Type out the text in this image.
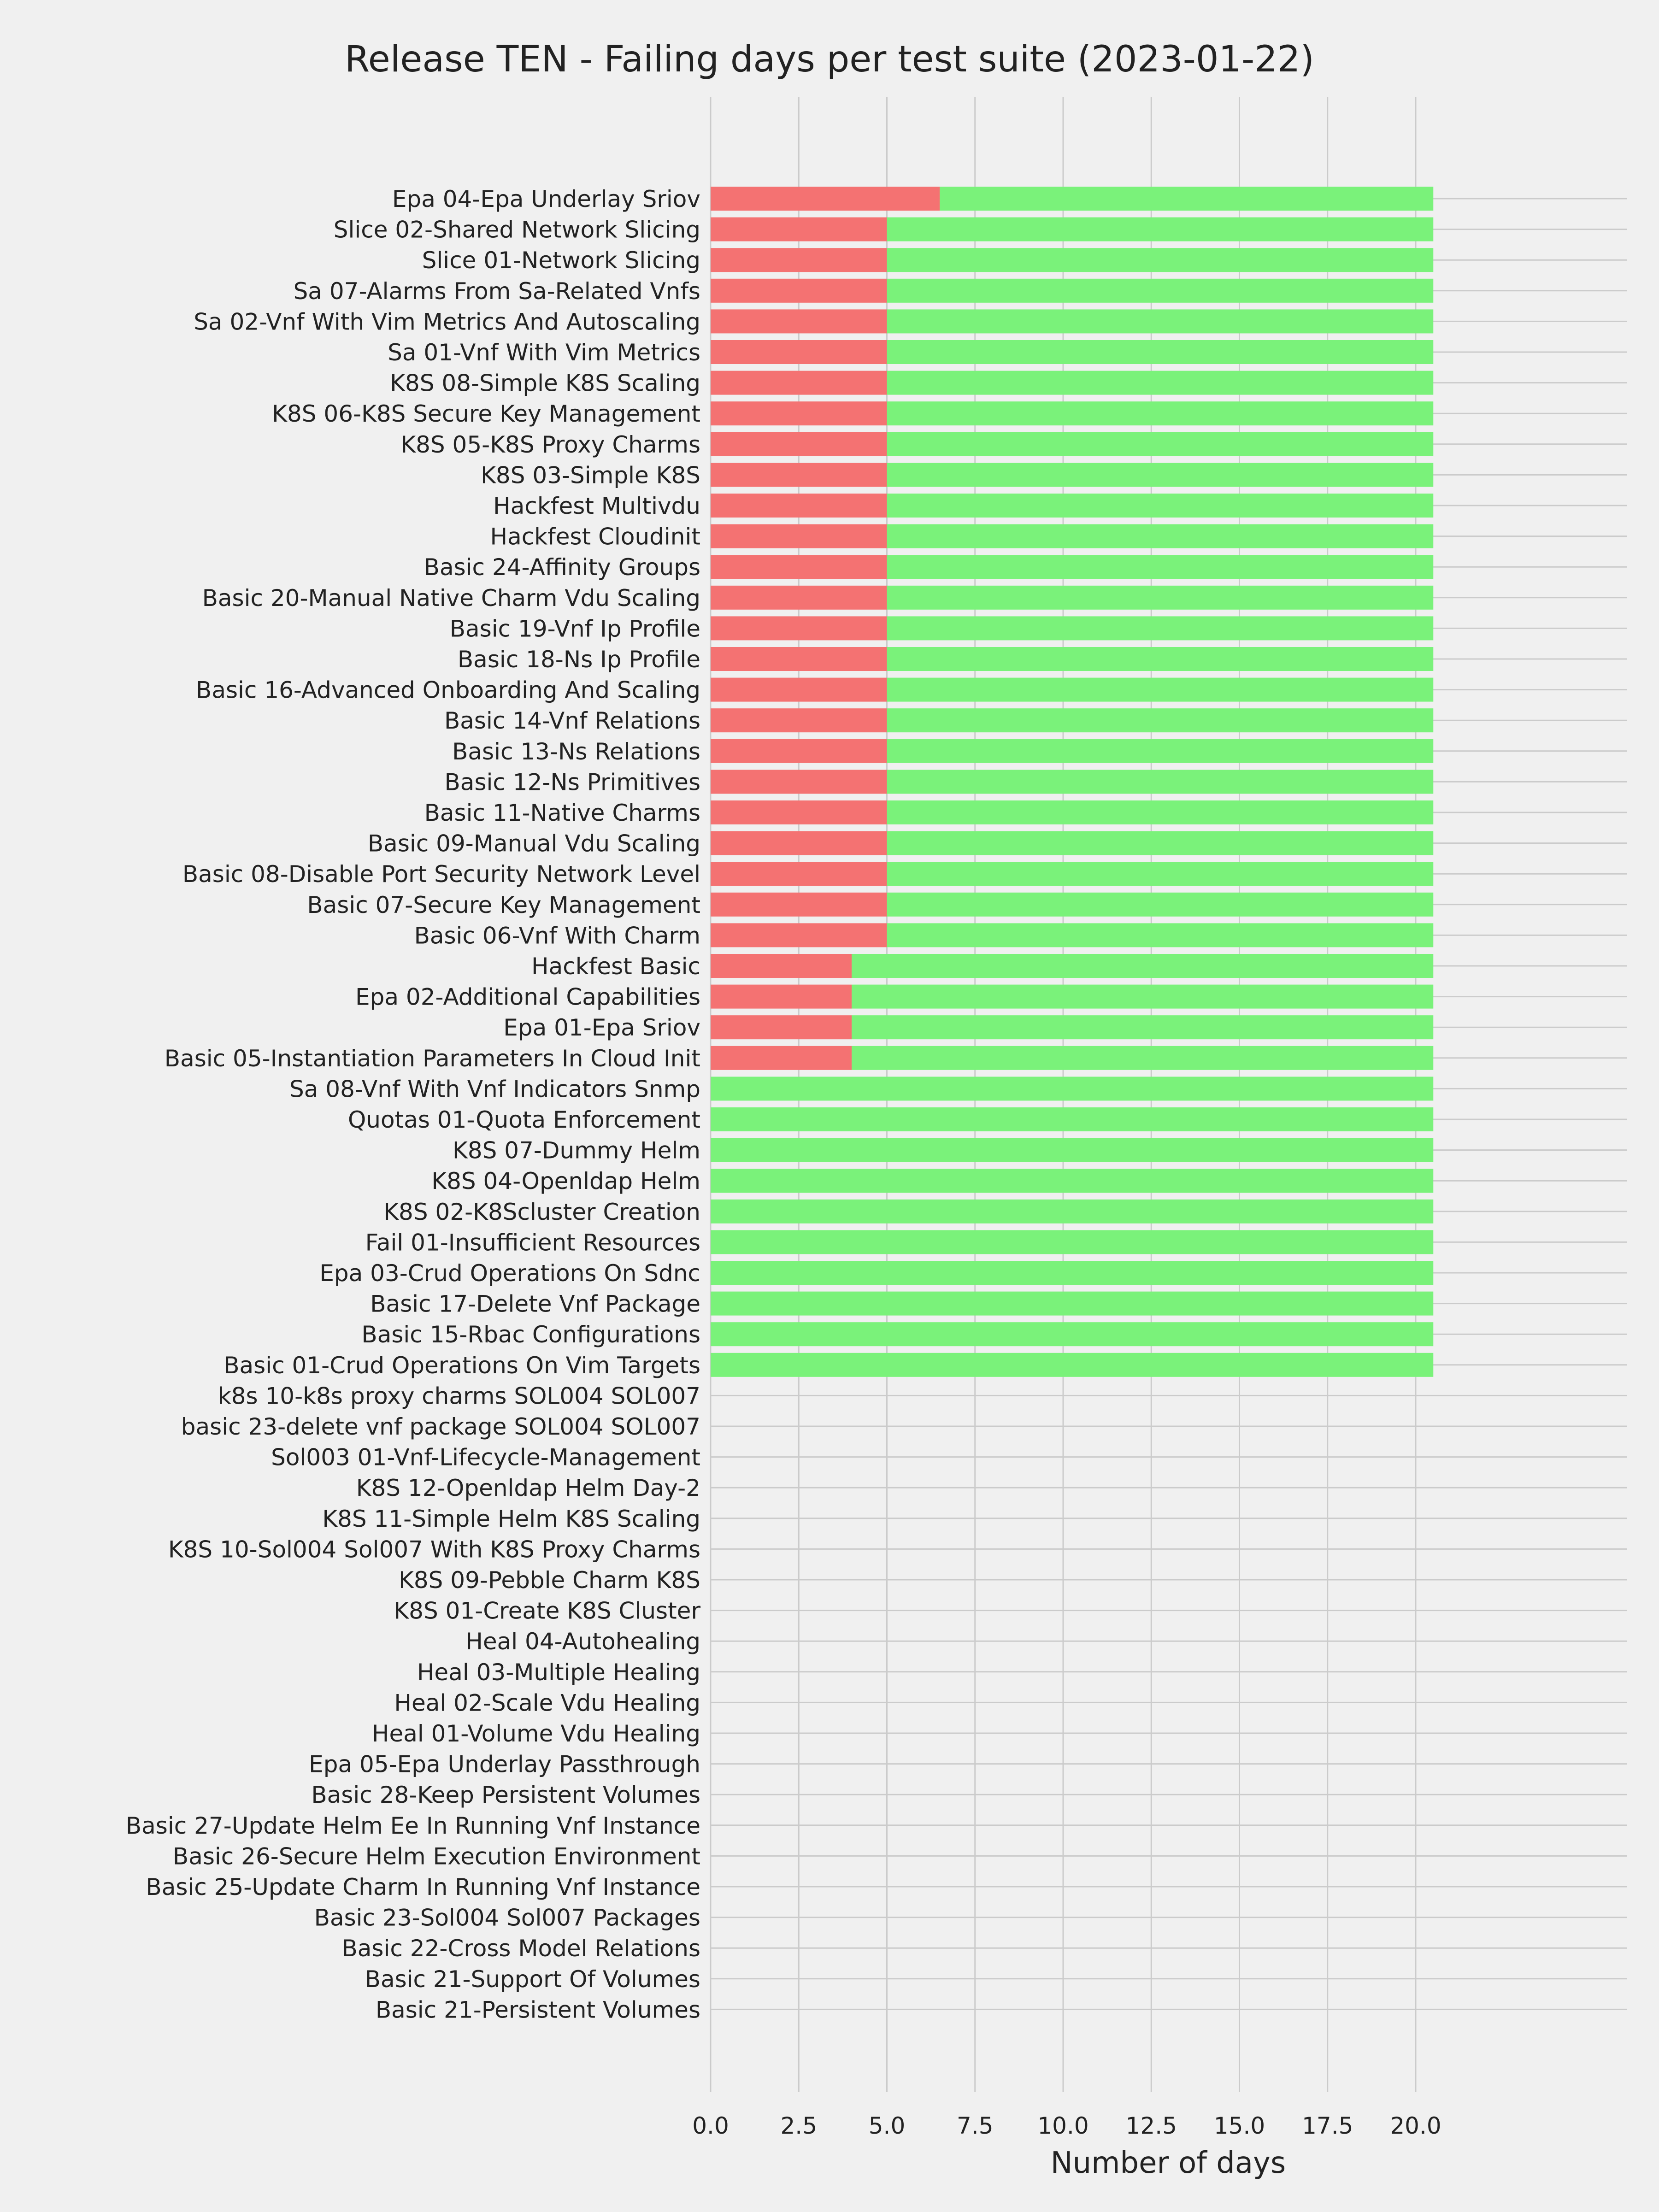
Release TEN - Failing days per test suite (2023-01-22)
Epa 04-Epa Underlay Sriov
Slice 02-Shared Network Slicing
Slice 01-Network Slicing
Sa 07-Alarms From Sa-Related Vnfs
Sa 02-Vnf With Vim Metrics And Autoscaling
Sa 01-Vnf With Vim Metrics
K8S 08-Simple K8S Scaling
K8S 06-K8S Secure Key Management
K8S 05-K8S Proxy Charms
K8S 03-Simple K8S
Hackfest Multivdu
Hackfest Cloudinit
Basic 24-Affinity Groups
Basic 20-Manual Native Charm Vdu Scaling
Basic 19-Vnf Ip Profile
Basic 18-Ns Ip Profile
Basic 16-Advanced Onboarding And Scaling
Basic 14-Vnf Relations
Basic 13-Ns Relations
Basic 12-Ns Primitives
Basic 11-Native Charms
Basic 09-Manual Vdu Scaling
Basic 08-Disable Port Security Network Level
Basic 07-Secure Key Management
Basic 06-Vnf With Charm
Hackfest Basic
Epa 02-Additional Capabilities
Epa 01-Epa Sriov
Basic 05-Instantiation Parameters In Cloud Init
Sa 08-Vnf With Vnf Indicators Snmp
Quotas 01-Quota Enforcement
K8S 07-Dummy Helm
K8S 04-Openldap Helm
K8S 02-K8Scluster Creation
Fail 01-Insufficient Resources
Epa 03-Crud Operations On Sdnc
Basic 17-Delete Vnf Package
Basic 15-Rbac Configurations
Basic 01-Crud Operations On Vim Targets
k8s 10-k8s proxy charms SOL004 SOL007
basic 23-delete vnf package SOL004 SOL007
Sol003 01-Vnf-Lifecycle-Management
K8S 12-Openldap Helm Day-2
K8S 11-Simple Helm K8S Scaling
K8S 10-Sol004 Sol007 With K8S Proxy Charms
K8S 09-Pebble Charm K8S
K8S 01-Create K8S Cluster
Heal 04-Autohealing
Heal 03-Multiple Healing
Heal 02-Scale Vdu Healing
Heal 01-Volume Vdu Healing
Epa 05-Epa Underlay Passthrough
Basic 28-Keep Persistent Volumes
Basic 27-Update Helm Ee In Running Vnf Instance
Basic 26-Secure Helm Execution Environment
Basic 25-Update Charm In Running Vnf Instance
Basic 23-Sol004 Sol007 Packages
Basic 22-Cross Model Relations
Basic 21-Support Of Volumes
Basic 21-Persistent Volumes
0.0 2.5 5.0 7.5 10.0 12.5 15.0 17.5 20.0
Number of days
